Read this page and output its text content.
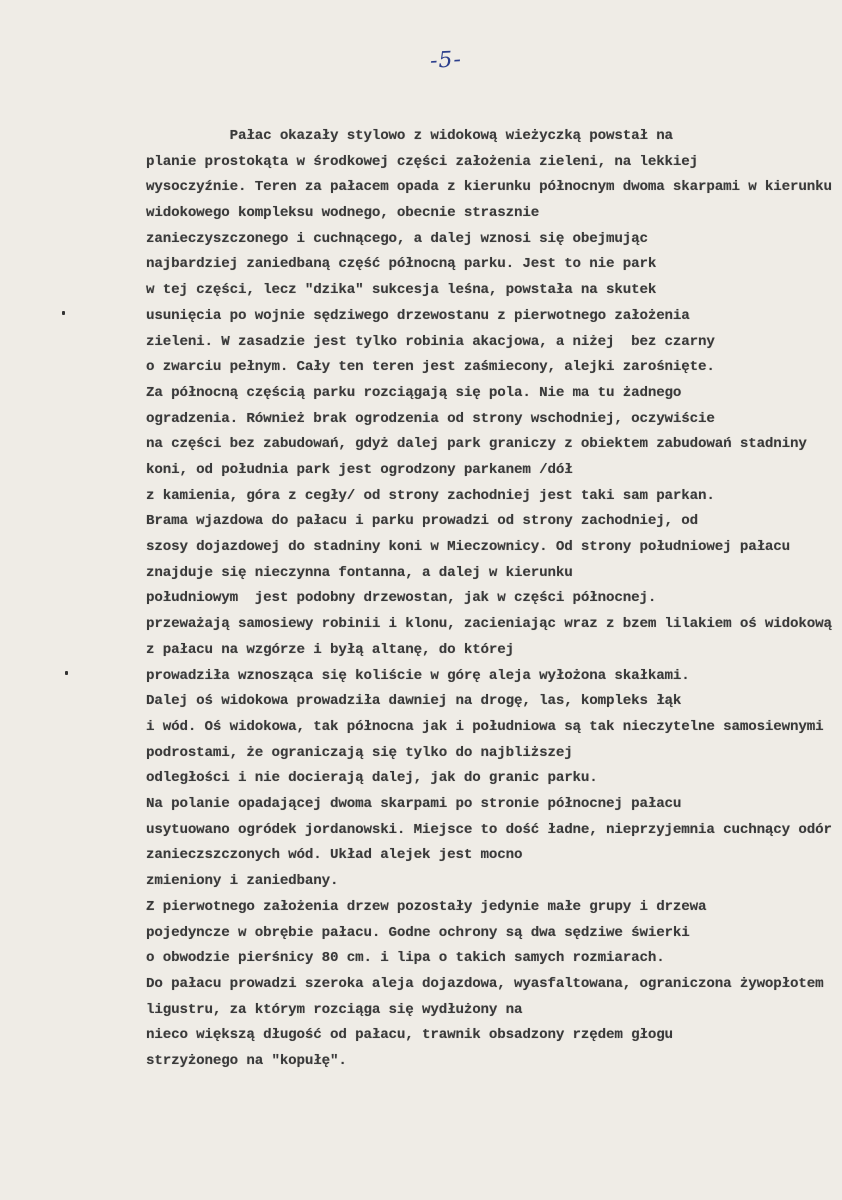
-5-
Pałac okazały stylowo z widokową wieżyczką powstał na
planie prostokąta w środkowej części założenia zieleni, na lekkiej
wysoczyźnie. Teren za pałacem opada z kierunku północnym dwoma skarpami w kierunku widokowego kompleksu wodnego, obecnie strasznie
zanieczyszczonego i cuchnącego, a dalej wznosi się obejmując
najbardziej zaniedbaną część północną parku. Jest to nie park
w tej części, lecz "dzika" sukcesja leśna, powstała na skutek
usunięcia po wojnie sędziwego drzewostanu z pierwotnego założenia
zieleni. W zasadzie jest tylko robinia akacjowa, a niżej  bez czarny
o zwarciu pełnym. Cały ten teren jest zaśmiecony, alejki zarośnięte.
Za północną częścią parku rozciągają się pola. Nie ma tu żadnego
ogradzenia. Również brak ogrodzenia od strony wschodniej, oczywiście
na części bez zabudowań, gdyż dalej park graniczy z obiektem zabudowań stadniny koni, od południa park jest ogrodzony parkanem /dół
z kamienia, góra z cegły/ od strony zachodniej jest taki sam parkan.
Brama wjazdowa do pałacu i parku prowadzi od strony zachodniej, od
szosy dojazdowej do stadniny koni w Mieczownicy. Od strony południowej pałacu znajduje się nieczynna fontanna, a dalej w kierunku
południowym  jest podobny drzewostan, jak w części północnej.
przeważają samosiewy robinii i klonu, zacieniając wraz z bzem lilakiem oś widokową z pałacu na wzgórze i byłą altanę, do której
prowadziła wznosząca się koliście w górę aleja wyłożona skałkami.
Dalej oś widokowa prowadziła dawniej na drogę, las, kompleks łąk
i wód. Oś widokowa, tak północna jak i południowa są tak nieczytelne samosiewnymi podrostami, że ograniczają się tylko do najbliższej
odległości i nie docierają dalej, jak do granic parku.
Na polanie opadającej dwoma skarpami po stronie północnej pałacu
usytuowano ogródek jordanowski. Miejsce to dość ładne, nieprzyjemnia cuchnący odór zanieczszczonych wód. Układ alejek jest mocno
zmieniony i zaniedbany.
Z pierwotnego założenia drzew pozostały jedynie małe grupy i drzewa
pojedyncze w obrębie pałacu. Godne ochrony są dwa sędziwe świerki
o obwodzie pierśnicy 80 cm. i lipa o takich samych rozmiarach.
Do pałacu prowadzi szeroka aleja dojazdowa, wyasfaltowana, ograniczona żywopłotem ligustru, za którym rozciąga się wydłużony na
nieco większą długość od pałacu, trawnik obsadzony rzędem głogu
strzyżonego na "kopułę".
